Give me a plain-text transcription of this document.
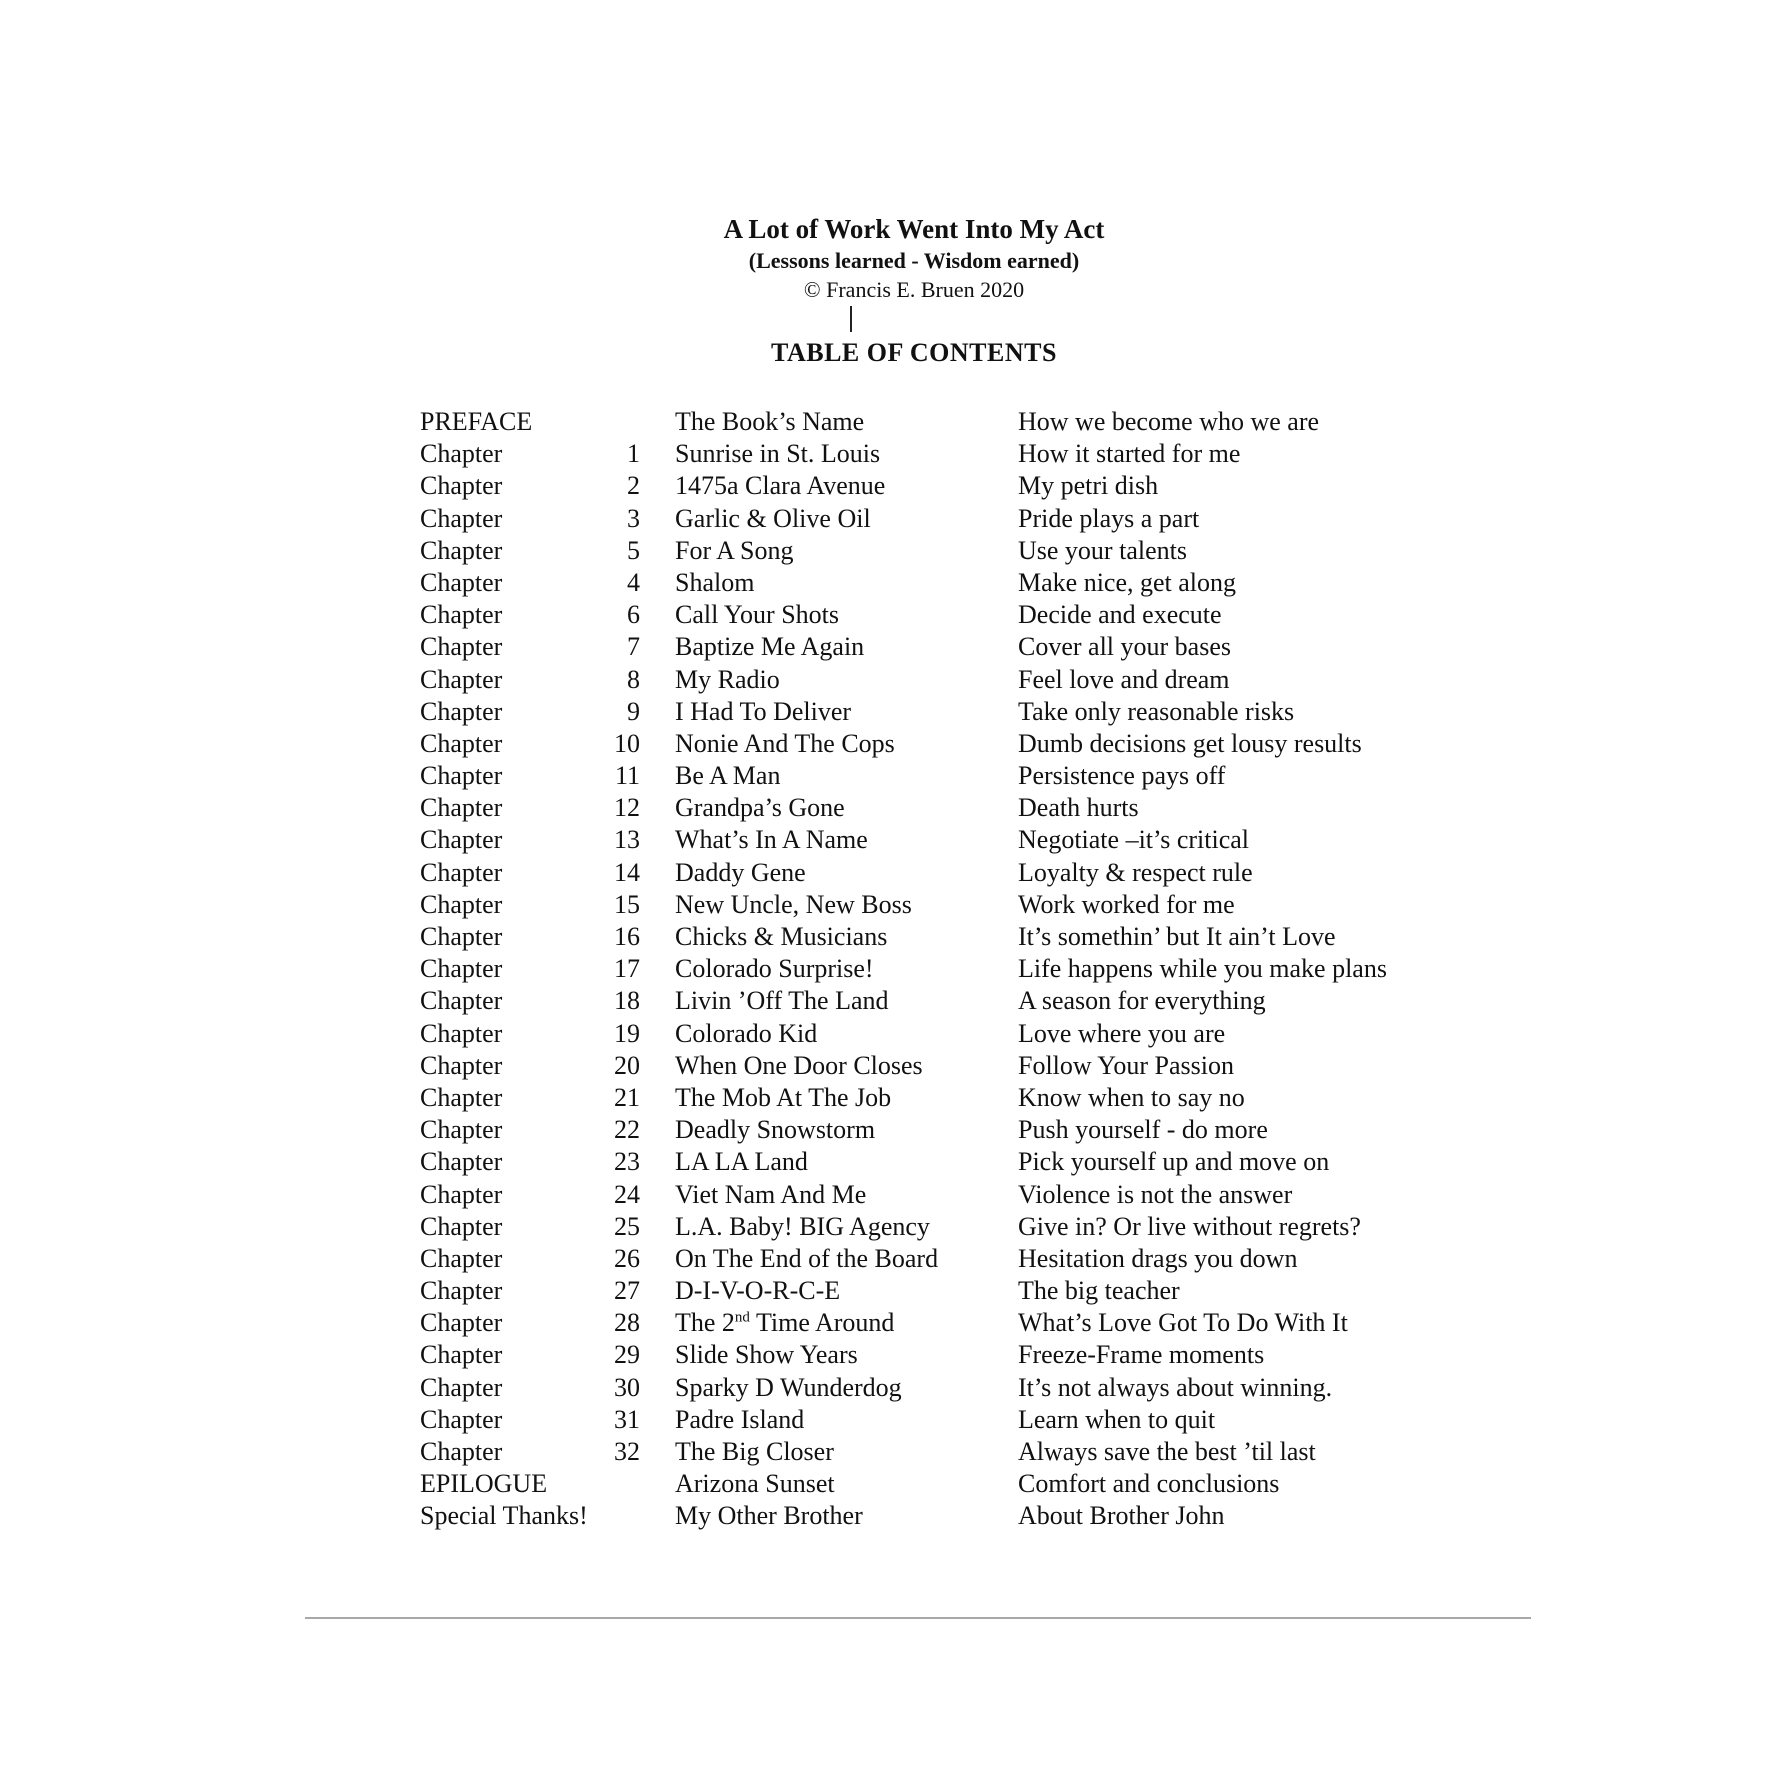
A Lot of Work Went Into My Act
(Lessons learned - Wisdom earned)
© Francis E. Bruen 2020
TABLE OF CONTENTS
PREFACE	The Book’s Name	How we become who we are
Chapter	1 Sunrise in St. Louis	How it started for me
Chapter	2 1475a Clara Avenue	My petri dish
Chapter	3 Garlic & Olive Oil	Pride plays a part
Chapter	5 For A Song	Use your talents
Chapter	4 Shalom	Make nice, get along
Chapter	6 Call Your Shots	Decide and execute
Chapter	7 Baptize Me Again	Cover all your bases
Chapter	8 My Radio	Feel love and dream
Chapter	9 I Had To Deliver	Take only reasonable risks
Chapter	10 Nonie And The Cops	Dumb decisions get lousy results
Chapter	11 Be A Man	Persistence pays off
Chapter	12 Grandpa’s Gone	Death hurts
Chapter	13 What’s In A Name	Negotiate –it’s critical
Chapter	14 Daddy Gene	Loyalty & respect rule
Chapter	15 New Uncle, New Boss	Work worked for me
Chapter	16 Chicks & Musicians	It’s somethin’ but It ain’t Love
Chapter	17 Colorado Surprise!	Life happens while you make plans
Chapter	18 Livin ’Off The Land	A season for everything
Chapter	19 Colorado Kid	Love where you are
Chapter	20 When One Door Closes	Follow Your Passion
Chapter	21 The Mob At The Job	Know when to say no
Chapter	22 Deadly Snowstorm	Push yourself - do more
Chapter	23 LA LA Land	Pick yourself up and move on
Chapter	24 Viet Nam And Me	Violence is not the answer
Chapter	25 L.A. Baby! BIG Agency	Give in? Or live without regrets?
Chapter	26 On The End of the Board	Hesitation drags you down
Chapter	27 D-I-V-O-R-C-E	The big teacher
Chapter	28 The 2nd Time Around	What’s Love Got To Do With It
Chapter	29 Slide Show Years	Freeze-Frame moments
Chapter	30 Sparky D Wunderdog	It’s not always about winning.
Chapter	31 Padre Island	Learn when to quit
Chapter	32 The Big Closer	Always save the best ’til last
EPILOGUE	Arizona Sunset	Comfort and conclusions
Special Thanks!	My Other Brother	About Brother John
